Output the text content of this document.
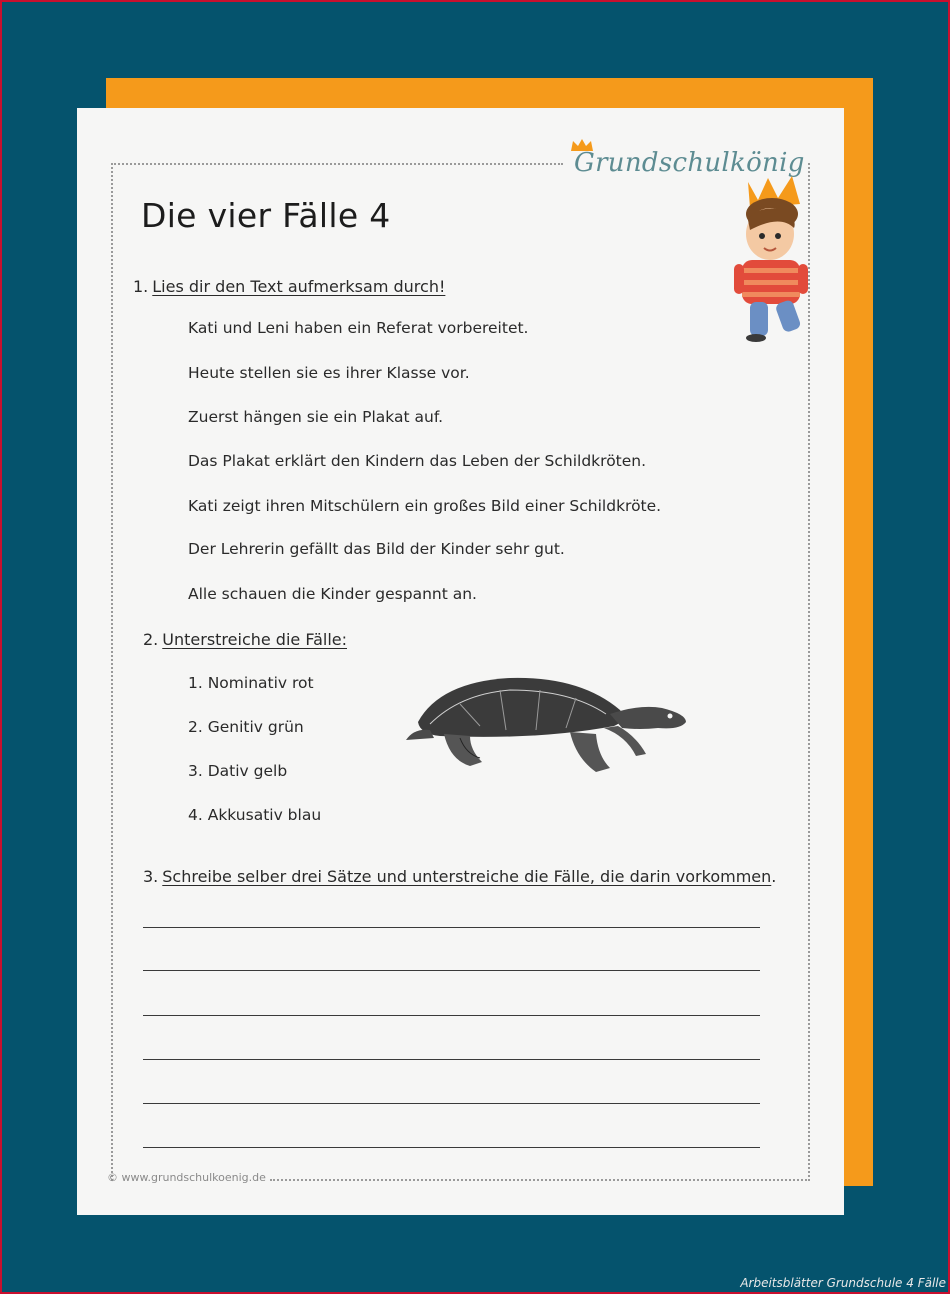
Grundschulkönig
Die vier Fälle 4
1. Lies dir den Text aufmerksam durch!
Kati und Leni haben ein Referat vorbereitet.
Heute stellen sie es ihrer Klasse vor.
Zuerst hängen sie ein Plakat auf.
Das Plakat erklärt den Kindern das Leben der Schildkröten.
Kati zeigt ihren Mitschülern ein großes Bild einer Schildkröte.
Der Lehrerin gefällt das Bild der Kinder sehr gut.
Alle schauen die Kinder gespannt an.
2. Unterstreiche die Fälle:
1. Nominativ rot
2. Genitiv grün
3. Dativ gelb
4. Akkusativ blau
3. Schreibe selber drei Sätze und unterstreiche die Fälle, die darin vorkommen.
© www.grundschulkoenig.de
Arbeitsblätter Grundschule 4 Fälle
